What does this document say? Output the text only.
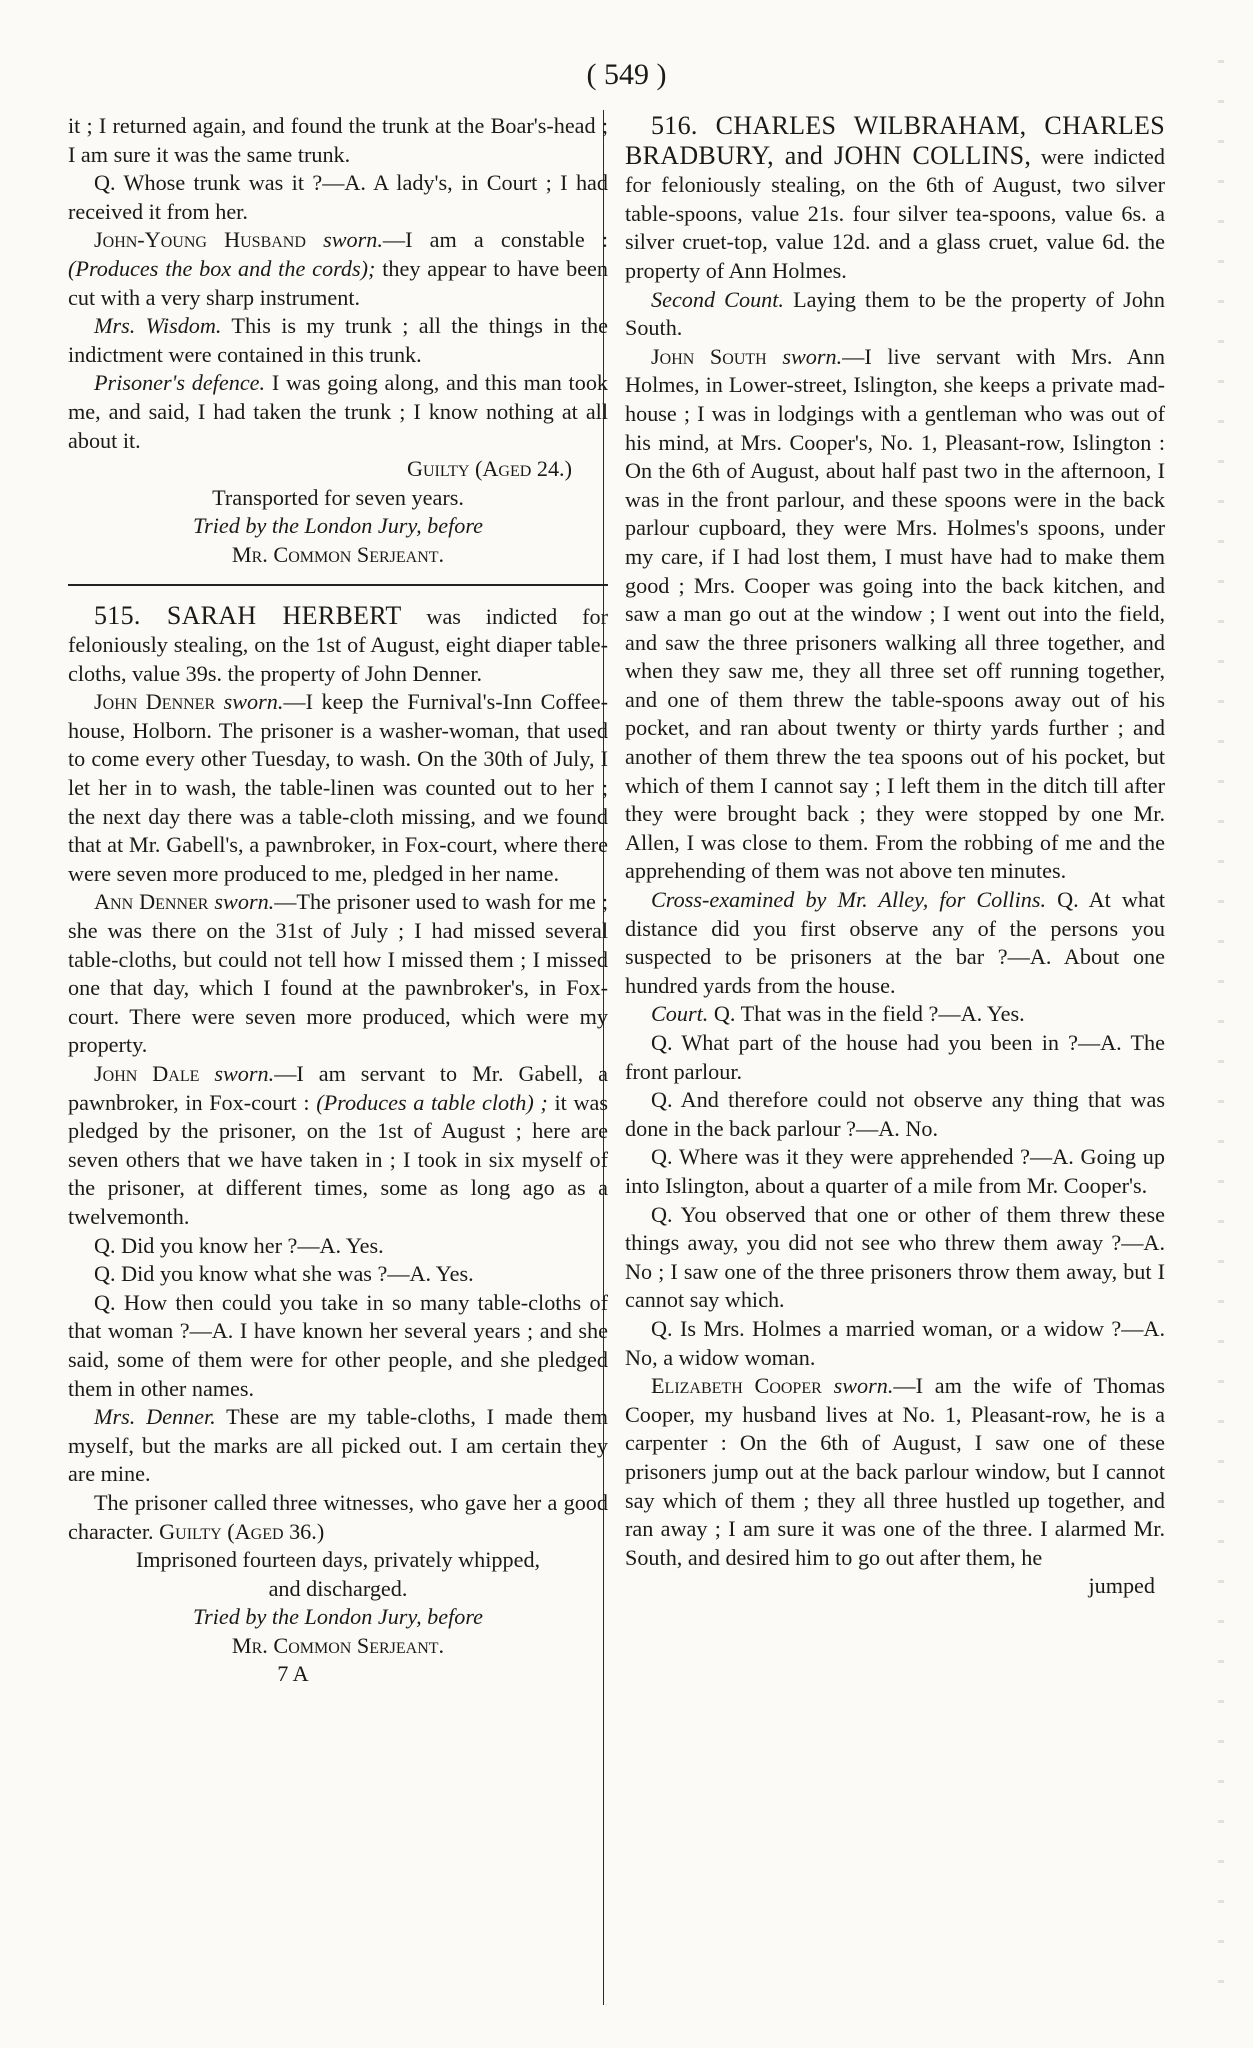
( 549 )

it ; I returned again, and found the trunk at the Boar's-head ; I am sure it was the same trunk.

Q. Whose trunk was it ?—A. A lady's, in Court ; I had received it from her.

John-Young Husband sworn.—I am a constable : (Produces the box and the cords); they appear to have been cut with a very sharp instrument.

Mrs. Wisdom. This is my trunk ; all the things in the indictment were contained in this trunk.

Prisoner's defence. I was going along, and this man took me, and said, I had taken the trunk ; I know nothing at all about it.

Guilty (Aged 24.)

Transported for seven years.

Tried by the London Jury, before

Mr. Common Serjeant.

515. SARAH HERBERT was indicted for feloniously stealing, on the 1st of August, eight diaper table-cloths, value 39s. the property of John Denner.

John Denner sworn.—I keep the Furnival's-Inn Coffee-house, Holborn. The prisoner is a washer-woman, that used to come every other Tuesday, to wash. On the 30th of July, I let her in to wash, the table-linen was counted out to her ; the next day there was a table-cloth missing, and we found that at Mr. Gabell's, a pawnbroker, in Fox-court, where there were seven more produced to me, pledged in her name.

Ann Denner sworn.—The prisoner used to wash for me ; she was there on the 31st of July ; I had missed several table-cloths, but could not tell how I missed them ; I missed one that day, which I found at the pawnbroker's, in Fox-court. There were seven more produced, which were my property.

John Dale sworn.—I am servant to Mr. Gabell, a pawnbroker, in Fox-court : (Produces a table cloth) ; it was pledged by the prisoner, on the 1st of August ; here are seven others that we have taken in ; I took in six myself of the prisoner, at different times, some as long ago as a twelvemonth.

Q. Did you know her ?—A. Yes.

Q. Did you know what she was ?—A. Yes.

Q. How then could you take in so many table-cloths of that woman ?—A. I have known her several years ; and she said, some of them were for other people, and she pledged them in other names.

Mrs. Denner. These are my table-cloths, I made them myself, but the marks are all picked out. I am certain they are mine.

The prisoner called three witnesses, who gave her a good character. Guilty (Aged 36.)

Imprisoned fourteen days, privately whipped,

and discharged.

Tried by the London Jury, before

Mr. Common Serjeant.

7 A

516. CHARLES WILBRAHAM, CHARLES BRADBURY, and JOHN COLLINS, were indicted for feloniously stealing, on the 6th of August, two silver table-spoons, value 21s. four silver tea-spoons, value 6s. a silver cruet-top, value 12d. and a glass cruet, value 6d. the property of Ann Holmes.

Second Count. Laying them to be the property of John South.

John South sworn.—I live servant with Mrs. Ann Holmes, in Lower-street, Islington, she keeps a private mad-house ; I was in lodgings with a gentleman who was out of his mind, at Mrs. Cooper's, No. 1, Pleasant-row, Islington : On the 6th of August, about half past two in the afternoon, I was in the front parlour, and these spoons were in the back parlour cupboard, they were Mrs. Holmes's spoons, under my care, if I had lost them, I must have had to make them good ; Mrs. Cooper was going into the back kitchen, and saw a man go out at the window ; I went out into the field, and saw the three prisoners walking all three together, and when they saw me, they all three set off running together, and one of them threw the table-spoons away out of his pocket, and ran about twenty or thirty yards further ; and another of them threw the tea spoons out of his pocket, but which of them I cannot say ; I left them in the ditch till after they were brought back ; they were stopped by one Mr. Allen, I was close to them. From the robbing of me and the apprehending of them was not above ten minutes.

Cross-examined by Mr. Alley, for Collins. Q. At what distance did you first observe any of the persons you suspected to be prisoners at the bar ?—A. About one hundred yards from the house.

Court. Q. That was in the field ?—A. Yes.

Q. What part of the house had you been in ?—A. The front parlour.

Q. And therefore could not observe any thing that was done in the back parlour ?—A. No.

Q. Where was it they were apprehended ?—A. Going up into Islington, about a quarter of a mile from Mr. Cooper's.

Q. You observed that one or other of them threw these things away, you did not see who threw them away ?—A. No ; I saw one of the three prisoners throw them away, but I cannot say which.

Q. Is Mrs. Holmes a married woman, or a widow ?—A. No, a widow woman.

Elizabeth Cooper sworn.—I am the wife of Thomas Cooper, my husband lives at No. 1, Pleasant-row, he is a carpenter : On the 6th of August, I saw one of these prisoners jump out at the back parlour window, but I cannot say which of them ; they all three hustled up together, and ran away ; I am sure it was one of the three. I alarmed Mr. South, and desired him to go out after them, he

jumped
